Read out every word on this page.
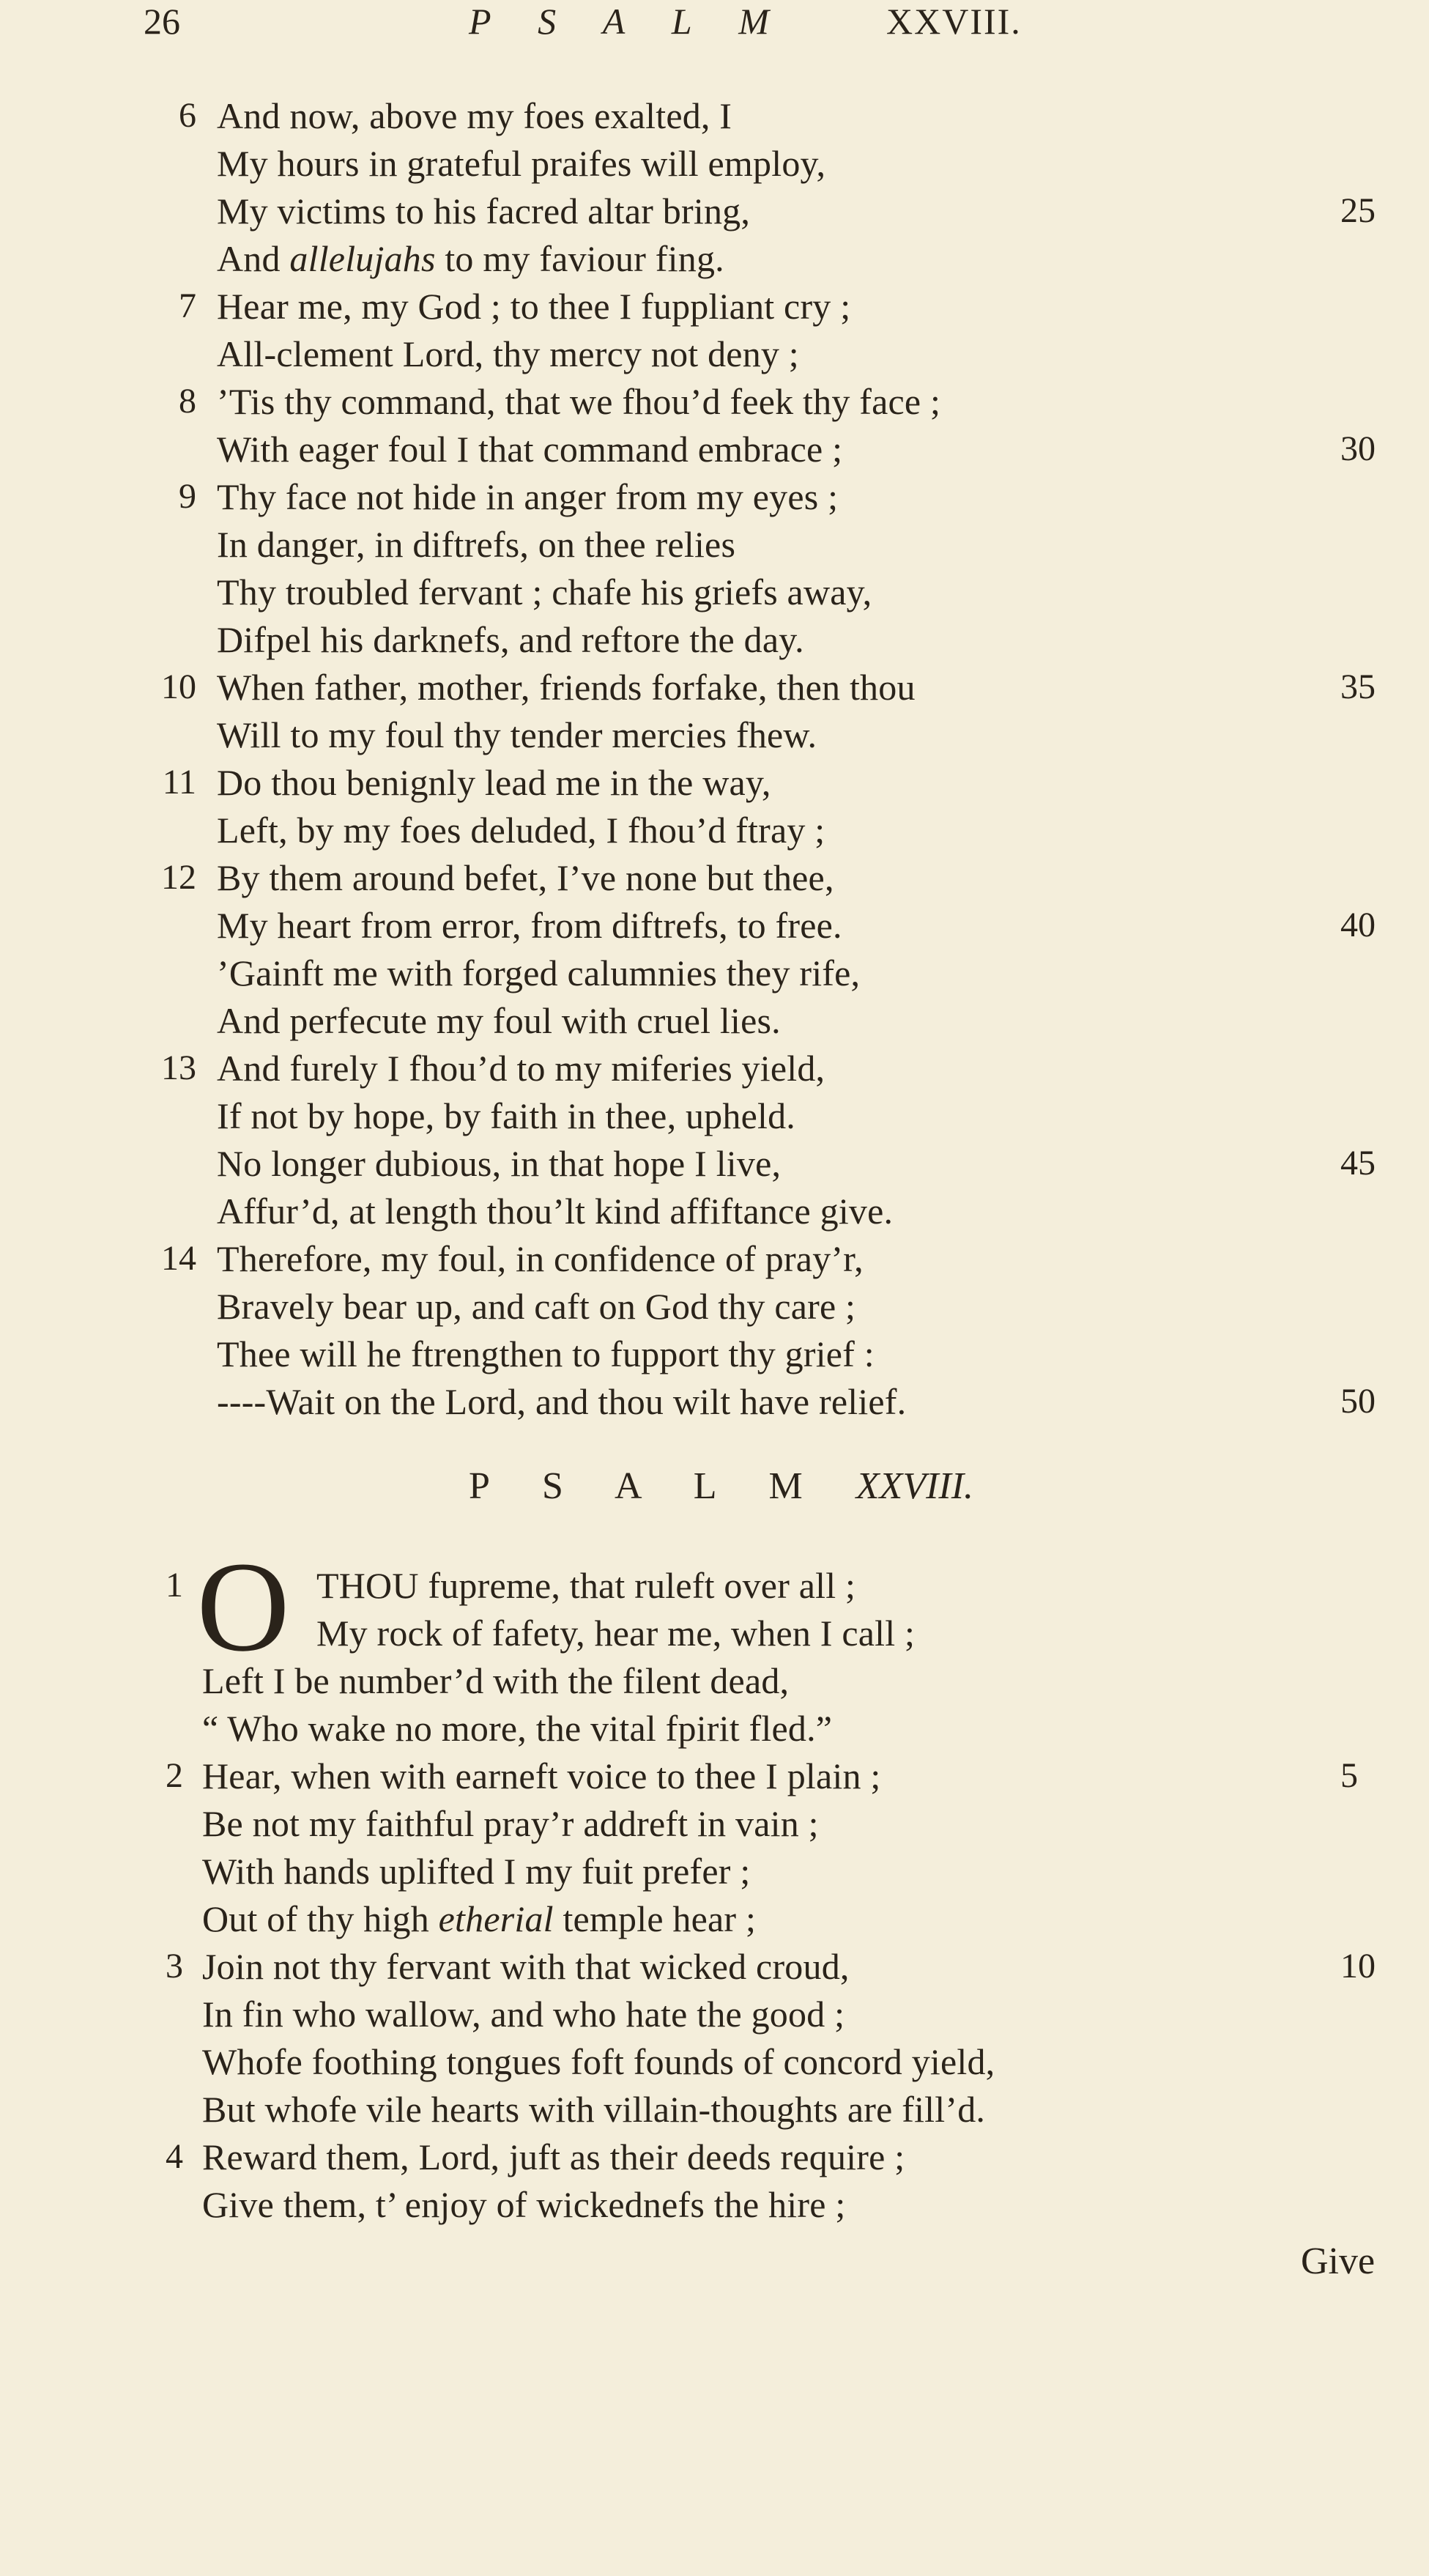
26	P S A L M	XXVIII.
6 And now, above my foes exalted, I
My hours in grateful praifes will employ,
My victims to his facred altar bring,
And allelujahs to my faviour fing.
7 Hear me, my God ; to thee I fuppliant cry ;
All-clement Lord, thy mercy not deny ;
8 ’Tis thy command, that we fhou’d feek thy face ;
With eager foul I that command embrace ;
9 Thy face not hide in anger from my eyes ;
In danger, in diftrefs, on thee relies
Thy troubled fervant ; chafe his griefs away,
Difpel his darknefs, and reftore the day.
10 When father, mother, friends forfake, then thou
Will to my foul thy tender mercies fhew.
11 Do thou benignly lead me in the way,
Left, by my foes deluded, I fhou’d ftray ;
12 By them around befet, I’ve none but thee,
My heart from error, from diftrefs, to free.
’Gainft me with forged calumnies they rife,
And perfecute my foul with cruel lies.
13 And furely I fhou’d to my miferies yield,
If not by hope, by faith in thee, upheld.
No longer dubious, in that hope I live,
Affur’d, at length thou’lt kind affiftance give.
14 Therefore, my foul, in confidence of pray’r,
Bravely bear up, and caft on God thy care ;
Thee will he ftrengthen to fupport thy grief :
----Wait on the Lord, and thou wilt have relief.
25
30
35
40
45
50
P S A L M XXVIII.
O
1	THOU fupreme, that ruleft over all ;
My rock of fafety, hear me, when I call ;
Left I be number’d with the filent dead,
“ Who wake no more, the vital fpirit fled.”
2 Hear, when with earneft voice to thee I plain ;
Be not my faithful pray’r addreft in vain ;
With hands uplifted I my fuit prefer ;
Out of thy high etherial temple hear ;
3 Join not thy fervant with that wicked croud,
In fin who wallow, and who hate the good ;
Whofe foothing tongues foft founds of concord yield,
But whofe vile hearts with villain-thoughts are fill’d.
4 Reward them, Lord, juft as their deeds require ;
Give them, t’ enjoy of wickednefs the hire ;
5
10
Give
